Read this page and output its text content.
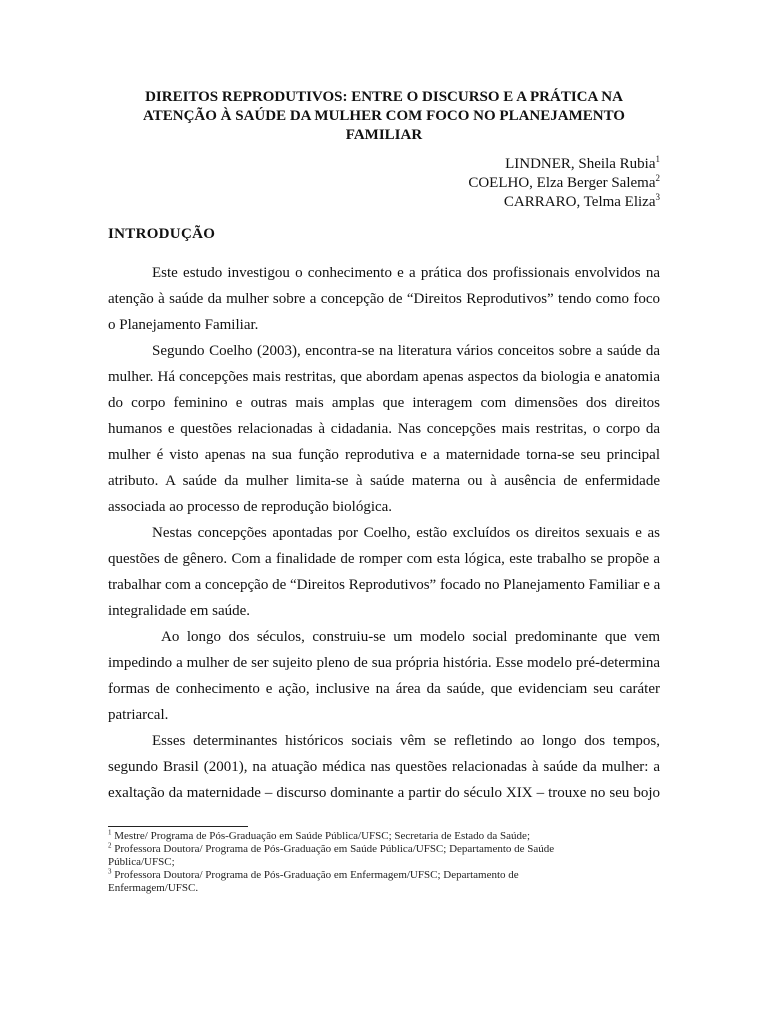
DIREITOS REPRODUTIVOS: ENTRE O DISCURSO E A PRÁTICA NA
ATENÇÃO À SAÚDE DA MULHER COM FOCO NO PLANEJAMENTO
FAMILIAR
LINDNER, Sheila Rubia$^1$
COELHO, Elza Berger Salema$^2$
CARRARO, Telma Eliza$^3$
INTRODUÇÃO
Este estudo investigou o conhecimento e a prática dos profissionais envolvidos na
atenção à saúde da mulher sobre a concepção de “Direitos Reprodutivos” tendo como foco
o Planejamento Familiar.
Segundo Coelho (2003), encontra-se na literatura vários conceitos sobre a saúde da
mulher. Há concepções mais restritas, que abordam apenas aspectos da biologia e anatomia
do corpo feminino e outras mais amplas que interagem com dimensões dos direitos
humanos e questões relacionadas à cidadania. Nas concepções mais restritas, o corpo da
mulher é visto apenas na sua função reprodutiva e a maternidade torna-se seu principal
atributo. A saúde da mulher limita-se à saúde materna ou à ausência de enfermidade
associada ao processo de reprodução biológica.
Nestas concepções apontadas por Coelho, estão excluídos os direitos sexuais e as
questões de gênero. Com a finalidade de romper com esta lógica, este trabalho se propõe a
trabalhar com a concepção de “Direitos Reprodutivos” focado no Planejamento Familiar e a
integralidade em saúde.
Ao longo dos séculos, construiu-se um modelo social predominante que vem
impedindo a mulher de ser sujeito pleno de sua própria história. Esse modelo pré-determina
formas de conhecimento e ação, inclusive na área da saúde, que evidenciam seu caráter
patriarcal.
Esses determinantes históricos sociais vêm se refletindo ao longo dos tempos,
segundo Brasil (2001), na atuação médica nas questões relacionadas à saúde da mulher: a
exaltação da maternidade – discurso dominante a partir do século XIX – trouxe no seu bojo
$^1$ Mestre/ Programa de Pós-Graduação em Saúde Pública/UFSC; Secretaria de Estado da Saúde;
$^2$ Professora Doutora/ Programa de Pós-Graduação em Saúde Pública/UFSC; Departamento de Saúde
Pública/UFSC;
$^3$ Professora Doutora/ Programa de Pós-Graduação em Enfermagem/UFSC; Departamento de
Enfermagem/UFSC.
